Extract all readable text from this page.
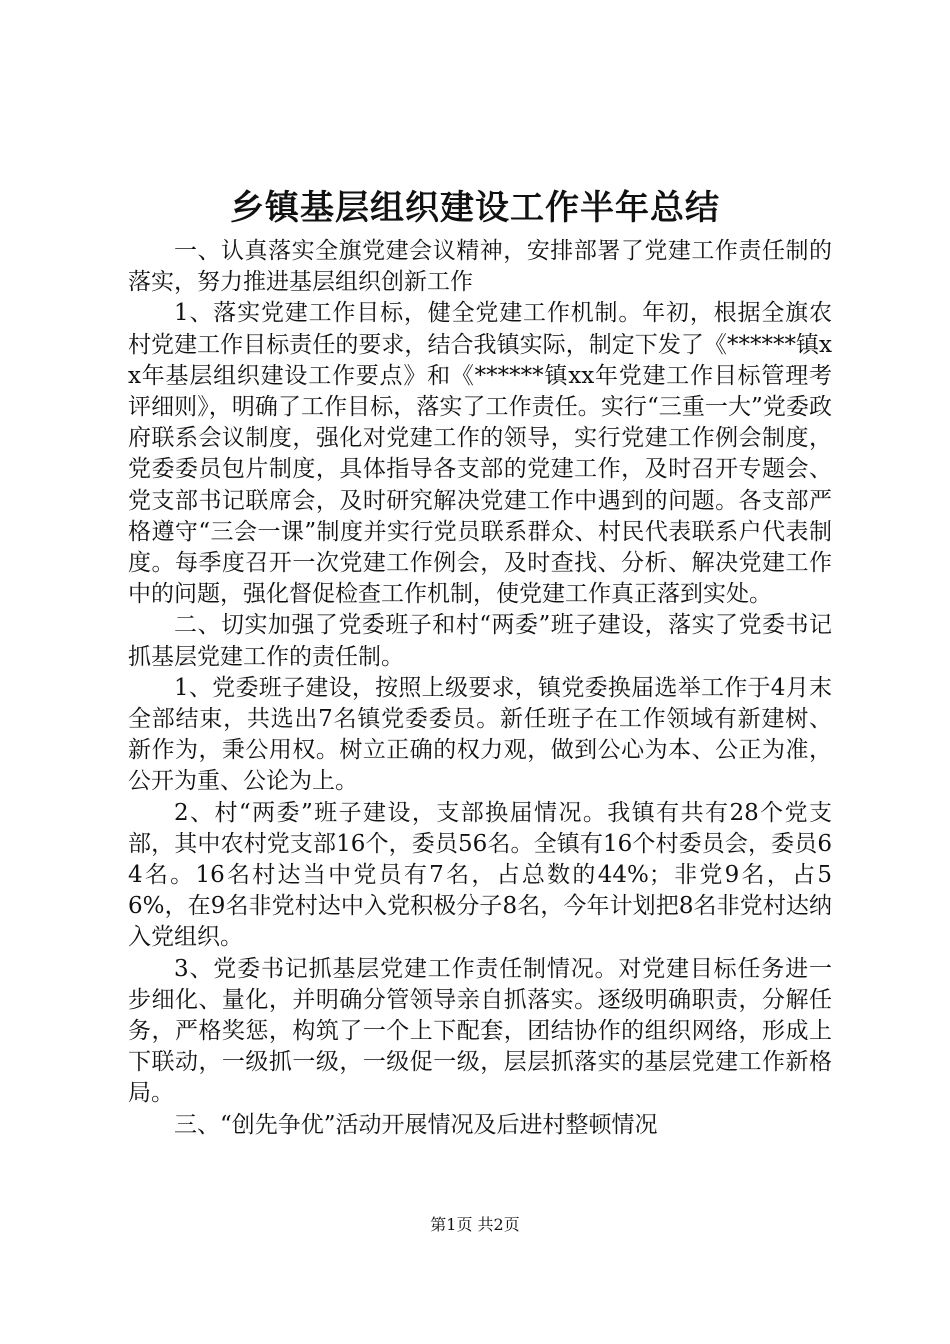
乡镇基层组织建设工作半年总结

一、认真落实全旗党建会议精神，安排部署了党建工作责任制的落实，努力推进基层组织创新工作

1、落实党建工作目标，健全党建工作机制。年初，根据全旗农村党建工作目标责任的要求，结合我镇实际，制定下发了《******镇xx年基层组织建设工作要点》和《******镇xx年党建工作目标管理考评细则》，明确了工作目标，落实了工作责任。实行“三重一大”党委政府联系会议制度，强化对党建工作的领导，实行党建工作例会制度，党委委员包片制度，具体指导各支部的党建工作，及时召开专题会、党支部书记联席会，及时研究解决党建工作中遇到的问题。各支部严格遵守“三会一课”制度并实行党员联系群众、村民代表联系户代表制度。每季度召开一次党建工作例会，及时查找、分析、解决党建工作中的问题，强化督促检查工作机制，使党建工作真正落到实处。

二、切实加强了党委班子和村“两委”班子建设，落实了党委书记抓基层党建工作的责任制。

1、党委班子建设，按照上级要求，镇党委换届选举工作于4月末全部结束，共选出7名镇党委委员。新任班子在工作领域有新建树、新作为，秉公用权。树立正确的权力观，做到公心为本、公正为准，公开为重、公论为上。

2、村“两委”班子建设，支部换届情况。我镇有共有28个党支部，其中农村党支部16个，委员56名。全镇有16个村委员会，委员64名。16名村达当中党员有7名，占总数的44%；非党9名，占56%，在9名非党村达中入党积极分子8名，今年计划把8名非党村达纳入党组织。

3、党委书记抓基层党建工作责任制情况。对党建目标任务进一步细化、量化，并明确分管领导亲自抓落实。逐级明确职责，分解任务，严格奖惩，构筑了一个上下配套，团结协作的组织网络，形成上下联动，一级抓一级，一级促一级，层层抓落实的基层党建工作新格局。

三、“创先争优”活动开展情况及后进村整顿情况

第1页 共2页
